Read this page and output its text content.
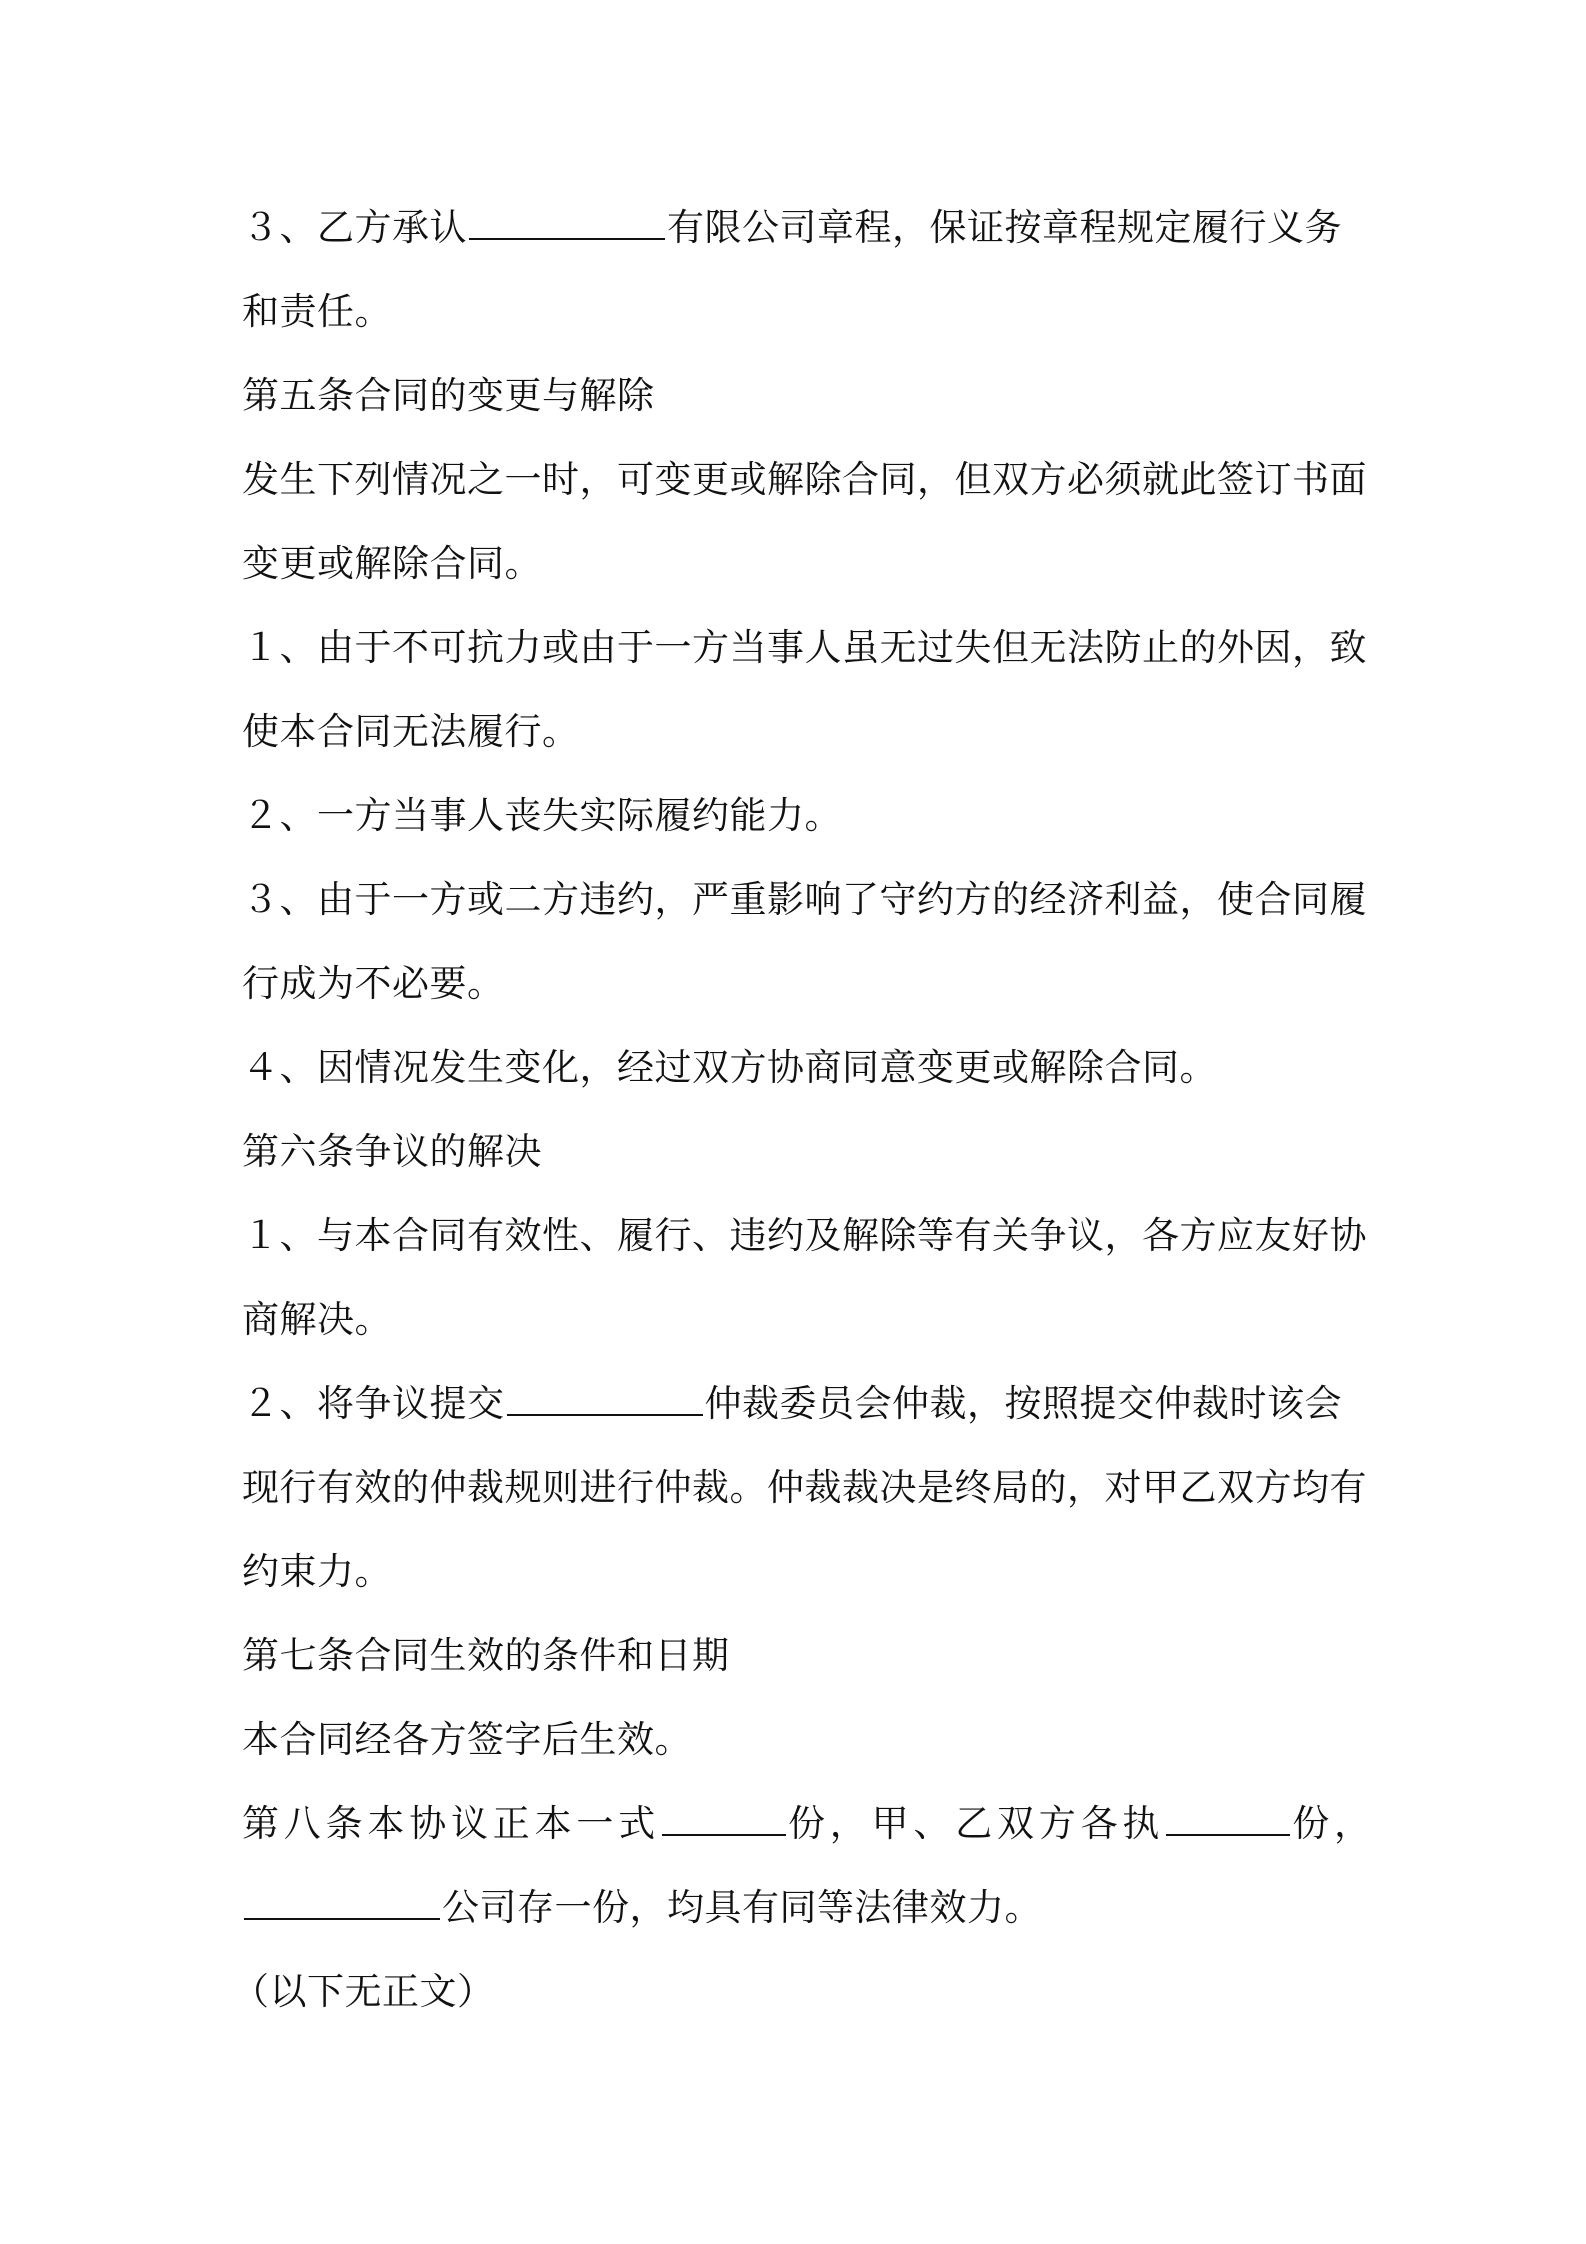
３、乙方承认	有限公司章程，保证按章程规定履行义务
和责任。
第五条合同的变更与解除
发生下列情况之一时，可变更或解除合同，但双方必须就此签订书面
变更或解除合同。
１、由于不可抗力或由于一方当事人虽无过失但无法防止的外因，致
使本合同无法履行。
２、一方当事人丧失实际履约能力。
３、由于一方或二方违约，严重影响了守约方的经济利益，使合同履
行成为不必要。
４、因情况发生变化，经过双方协商同意变更或解除合同。
第六条争议的解决
１、与本合同有效性、履行、违约及解除等有关争议，各方应友好协
商解决。
２、将争议提交	仲裁委员会仲裁，按照提交仲裁时该会
现行有效的仲裁规则进行仲裁。仲裁裁决是终局的，对甲乙双方均有
约束力。
第七条合同生效的条件和日期
本合同经各方签字后生效。
第八条本协议正本一式	份，甲、乙双方各执	份，
公司存一份，均具有同等法律效力。
（以下无正文）
